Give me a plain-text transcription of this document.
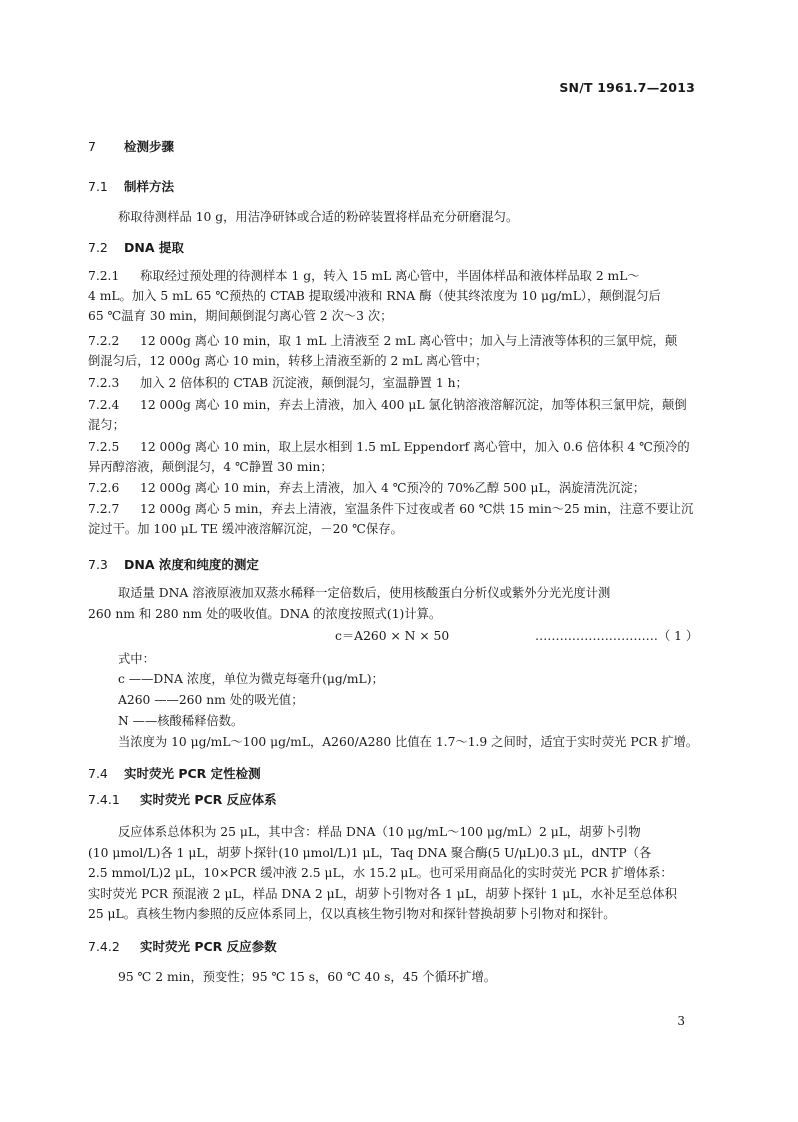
SN/T 1961.7—2013
7 检测步骤
7.1 制样方法
称取待测样品 10 g，用洁净研钵或合适的粉碎装置将样品充分研磨混匀。
7.2 DNA 提取
7.2.1 称取经过预处理的待测样本 1 g，转入 15 mL 离心管中，半固体样品和液体样品取 2 mL～
4 mL。加入 5 mL 65 ℃预热的 CTAB 提取缓冲液和 RNA 酶（使其终浓度为 10 μg/mL），颠倒混匀后
65 ℃温育 30 min，期间颠倒混匀离心管 2 次～3 次；
7.2.2 12 000g 离心 10 min，取 1 mL 上清液至 2 mL 离心管中；加入与上清液等体积的三氯甲烷，颠
倒混匀后，12 000g 离心 10 min，转移上清液至新的 2 mL 离心管中；
7.2.3 加入 2 倍体积的 CTAB 沉淀液，颠倒混匀，室温静置 1 h；
7.2.4 12 000g 离心 10 min，弃去上清液，加入 400 μL 氯化钠溶液溶解沉淀，加等体积三氯甲烷，颠倒
混匀；
7.2.5 12 000g 离心 10 min，取上层水相到 1.5 mL Eppendorf 离心管中，加入 0.6 倍体积 4 ℃预冷的
异丙醇溶液，颠倒混匀，4 ℃静置 30 min；
7.2.6 12 000g 离心 10 min，弃去上清液，加入 4 ℃预冷的 70%乙醇 500 μL，涡旋清洗沉淀；
7.2.7 12 000g 离心 5 min，弃去上清液，室温条件下过夜或者 60 ℃烘 15 min～25 min，注意不要让沉
淀过干。加 100 μL TE 缓冲液溶解沉淀，－20 ℃保存。
7.3 DNA 浓度和纯度的测定
取适量 DNA 溶液原液加双蒸水稀释一定倍数后，使用核酸蛋白分析仪或紫外分光光度计测
260 nm 和 280 nm 处的吸收值。DNA 的浓度按照式(1)计算。
c＝A260 × N × 50	…………………………（ 1 ）
式中：
c ——DNA 浓度，单位为微克每毫升(μg/mL)；
A260 ——260 nm 处的吸光值；
N ——核酸稀释倍数。
当浓度为 10 μg/mL～100 μg/mL，A260/A280 比值在 1.7～1.9 之间时，适宜于实时荧光 PCR 扩增。
7.4 实时荧光 PCR 定性检测
7.4.1 实时荧光 PCR 反应体系
反应体系总体积为 25 μL，其中含：样品 DNA（10 μg/mL～100 μg/mL）2 μL，胡萝卜引物
(10 μmol/L)各 1 μL，胡萝卜探针(10 μmol/L)1 μL，Taq DNA 聚合酶(5 U/μL)0.3 μL，dNTP（各
2.5 mmol/L)2 μL，10×PCR 缓冲液 2.5 μL，水 15.2 μL。也可采用商品化的实时荧光 PCR 扩增体系：
实时荧光 PCR 预混液 2 μL，样品 DNA 2 μL，胡萝卜引物对各 1 μL，胡萝卜探针 1 μL，水补足至总体积
25 μL。真核生物内参照的反应体系同上，仅以真核生物引物对和探针替换胡萝卜引物对和探针。
7.4.2 实时荧光 PCR 反应参数
95 ℃ 2 min，预变性；95 ℃ 15 s，60 ℃ 40 s，45 个循环扩增。
3
